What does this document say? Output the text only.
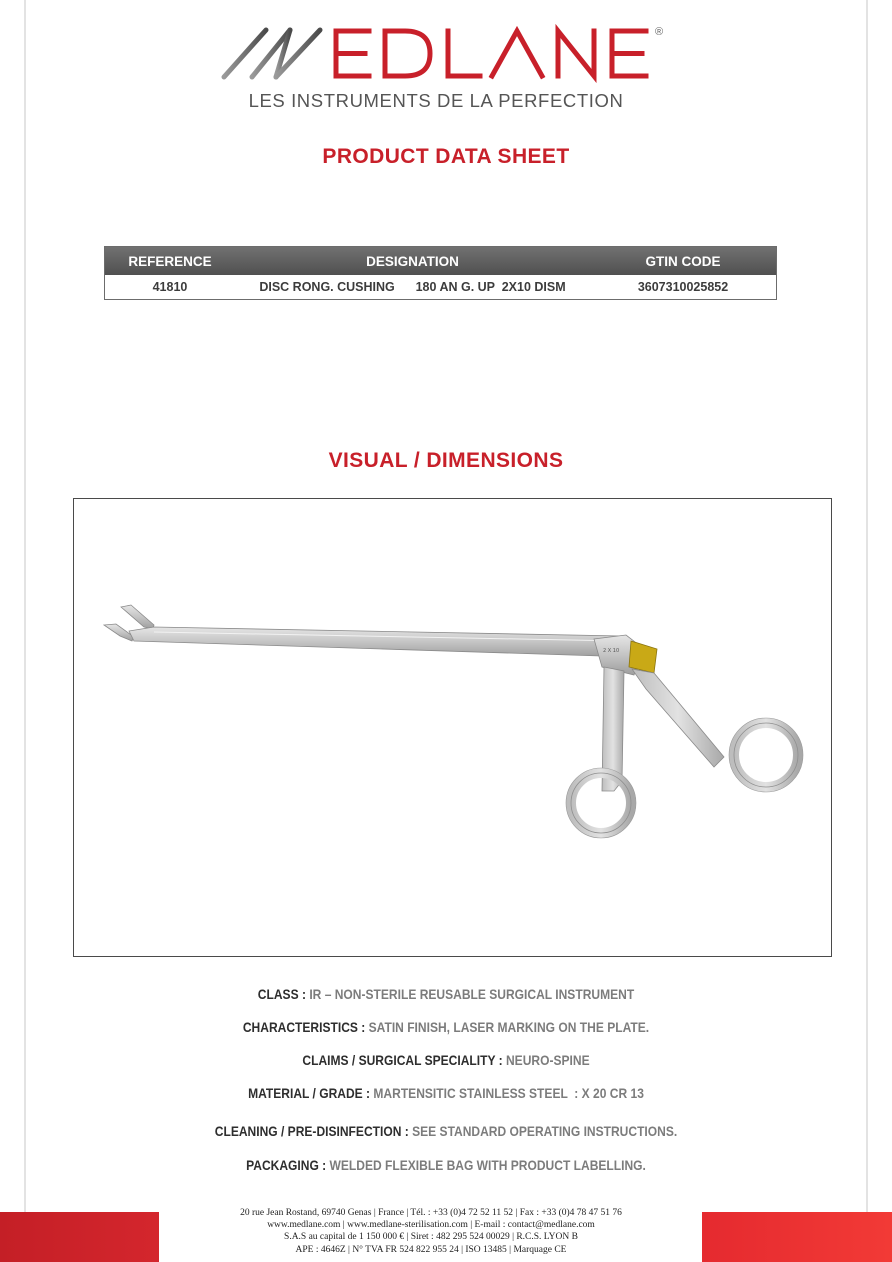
®
LES INSTRUMENTS DE LA PERFECTION
PRODUCT DATA SHEET
REFERENCE	DESIGNATION	GTIN CODE
41810	DISC RONG. CUSHING      180 AN G. UP  2X10 DISM	3607310025852
VISUAL / DIMENSIONS
2 X 10
CLASS : IR – NON-STERILE REUSABLE SURGICAL INSTRUMENT
CHARACTERISTICS : SATIN FINISH, LASER MARKING ON THE PLATE.
CLAIMS / SURGICAL SPECIALITY : NEURO-SPINE
MATERIAL / GRADE : MARTENSITIC STAINLESS STEEL  : X 20 CR 13
CLEANING / PRE-DISINFECTION : SEE STANDARD OPERATING INSTRUCTIONS.
PACKAGING : WELDED FLEXIBLE BAG WITH PRODUCT LABELLING.
20 rue Jean Rostand, 69740 Genas | France | Tél. : +33 (0)4 72 52 11 52 | Fax : +33 (0)4 78 47 51 76
www.medlane.com | www.medlane-sterilisation.com | E-mail : contact@medlane.com
S.A.S au capital de 1 150 000 € | Siret : 482 295 524 00029 | R.C.S. LYON B
APE : 4646Z | N° TVA FR 524 822 955 24 | ISO 13485 | Marquage CE
